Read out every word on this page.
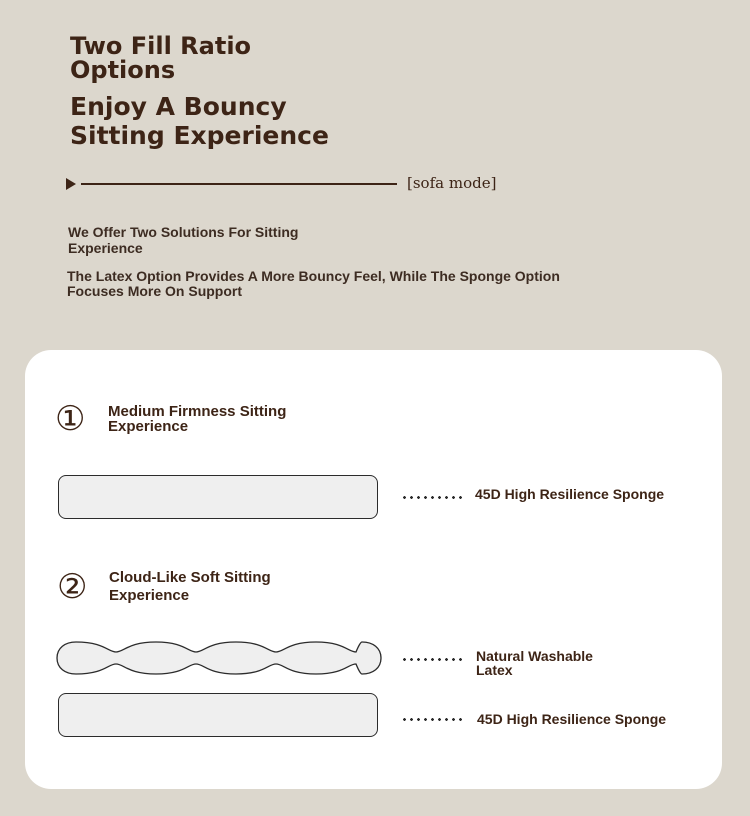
Two Fill Ratio Options
Enjoy A Bouncy Sitting Experience
[sofa mode]

We Offer Two Solutions For Sitting Experience

The Latex Option Provides A More Bouncy Feel, While The Sponge Option Focuses More On Support

① Medium Firmness Sitting Experience

45D High Resilience Sponge

② Cloud-Like Soft Sitting Experience

Natural Washable Latex

45D High Resilience Sponge
